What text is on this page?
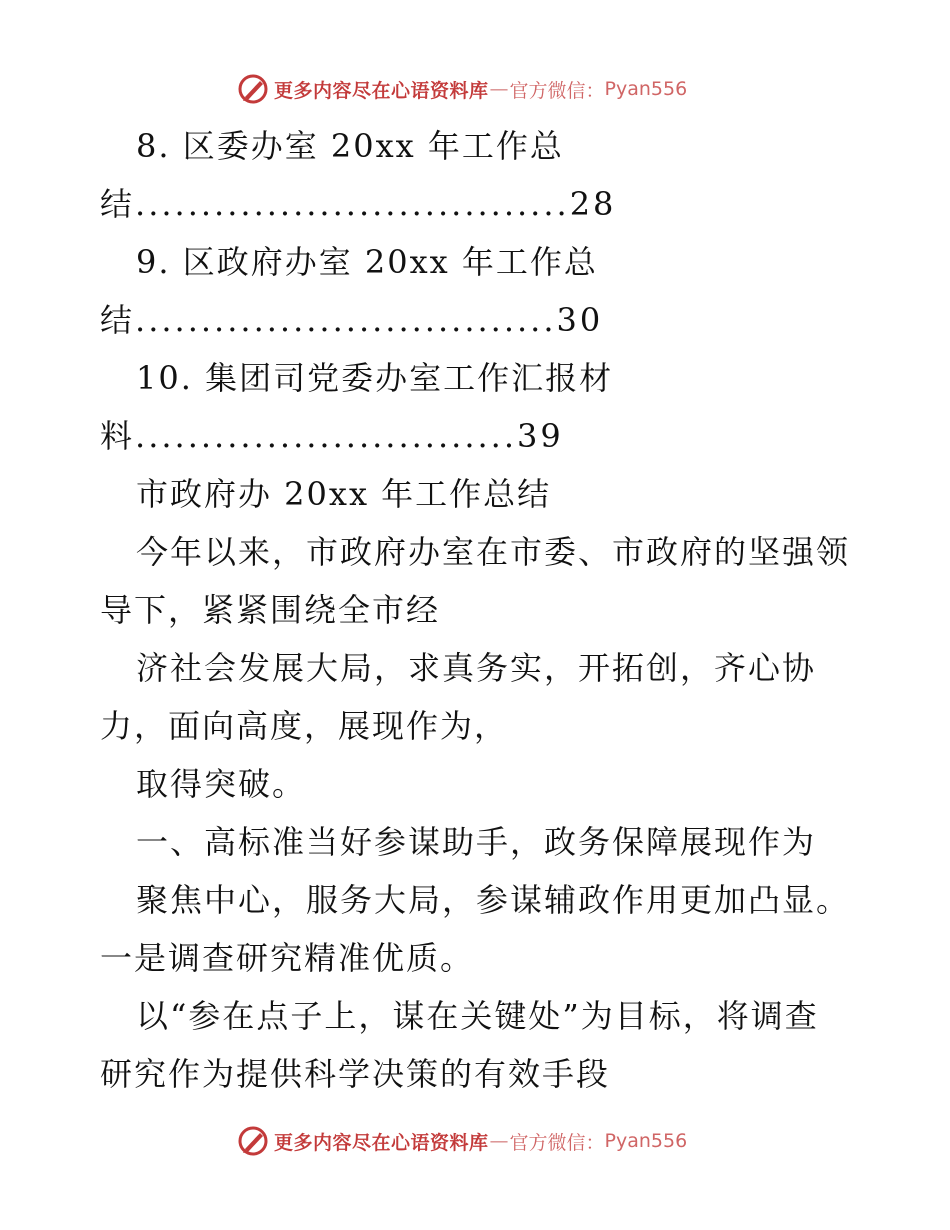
更多内容尽在心语资料库 — 官方微信： Pyan556
8. 区委办室 20xx 年工作总
结.................................28
9. 区政府办室 20xx 年工作总
结................................30
10. 集团司党委办室工作汇报材
料.............................39
市政府办 20xx 年工作总结
今年以来，市政府办室在市委、市政府的坚强领
导下，紧紧围绕全市经
济社会发展大局，求真务实，开拓创，齐心协
力，面向高度，展现作为，
取得突破。
一、高标准当好参谋助手，政务保障展现作为
聚焦中心，服务大局，参谋辅政作用更加凸显。
一是调查研究精准优质。
以“参在点子上，谋在关键处”为目标，将调查
研究作为提供科学决策的有效手段
更多内容尽在心语资料库 — 官方微信： Pyan556
